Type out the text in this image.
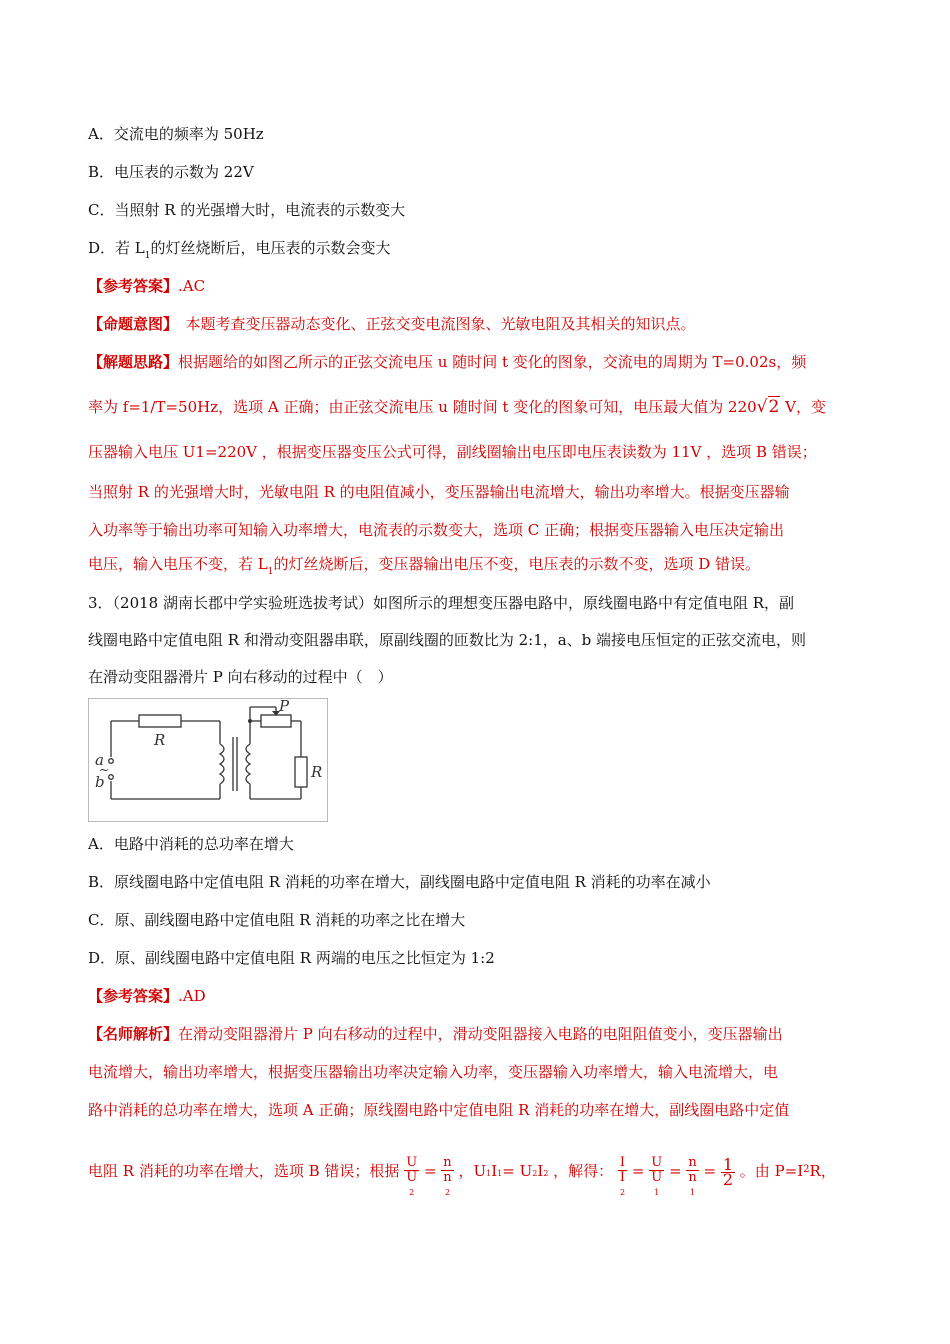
A．交流电的频率为 50Hz
B．电压表的示数为 22V
C．当照射 R 的光强增大时，电流表的示数变大
D．若 $L_1$的灯丝烧断后，电压表的示数会变大
【参考答案】.AC
【命题意图】　本题考查变压器动态变化、正弦交变电流图象、光敏电阻及其相关的知识点。
【解题思路】根据题给的如图乙所示的正弦交流电压 u 随时间 t 变化的图象，交流电的周期为 T=0.02s，频
率为 f=1/T=50Hz，选项 A 正确；由正弦交流电压 u 随时间 t 变化的图象可知，电压最大值为 220√2 V，变
压器输入电压 U1=220V ，根据变压器变压公式可得，副线圈输出电压即电压表读数为 11V ，选项 B 错误；
当照射 R 的光强增大时，光敏电阻 R 的电阻值减小，变压器输出电流增大，输出功率增大。根据变压器输
入功率等于输出功率可知输入功率增大，电流表的示数变大，选项 C 正确；根据变压器输入电压决定输出
电压，输入电压不变，若 $L_1$的灯丝烧断后，变压器输出电压不变，电压表的示数不变，选项 D 错误。
3．（2018 湖南长郡中学实验班选拔考试）如图所示的理想变压器电路中，原线圈电路中有定值电阻 R，副
线圈电路中定值电阻 R 和滑动变阻器串联，原副线圈的匝数比为 2:1，a、b 端接电压恒定的正弦交流电，则
在滑动变阻器滑片 P 向右移动的过程中（　）
R
P
R
a
b
~
A．电路中消耗的总功率在增大
B．原线圈电路中定值电阻 R 消耗的功率在增大，副线圈电路中定值电阻 R 消耗的功率在减小
C．原、副线圈电路中定值电阻 R 消耗的功率之比在增大
D．原、副线圈电路中定值电阻 R 两端的电压之比恒定为 1:2
【参考答案】.AD
【名师解析】在滑动变阻器滑片 P 向右移动的过程中，滑动变阻器接入电路的电阻阻值变小，变压器输出
电流增大，输出功率增大，根据变压器输出功率决定输入功率，变压器输入功率增大，输入电流增大，电
路中消耗的总功率在增大，选项 A 正确；原线圈电路中定值电阻 R 消耗的功率在增大，副线圈电路中定值
电阻 R 消耗的功率在增大，选项 B 错误；根据 U
U
2 = n
n
2 ，U1I1= U2I2 ，解得： I
I
2 = U
U
1 = n
n
$1 = \frac{1}{2}$ 。由 $P=I^2R$，
